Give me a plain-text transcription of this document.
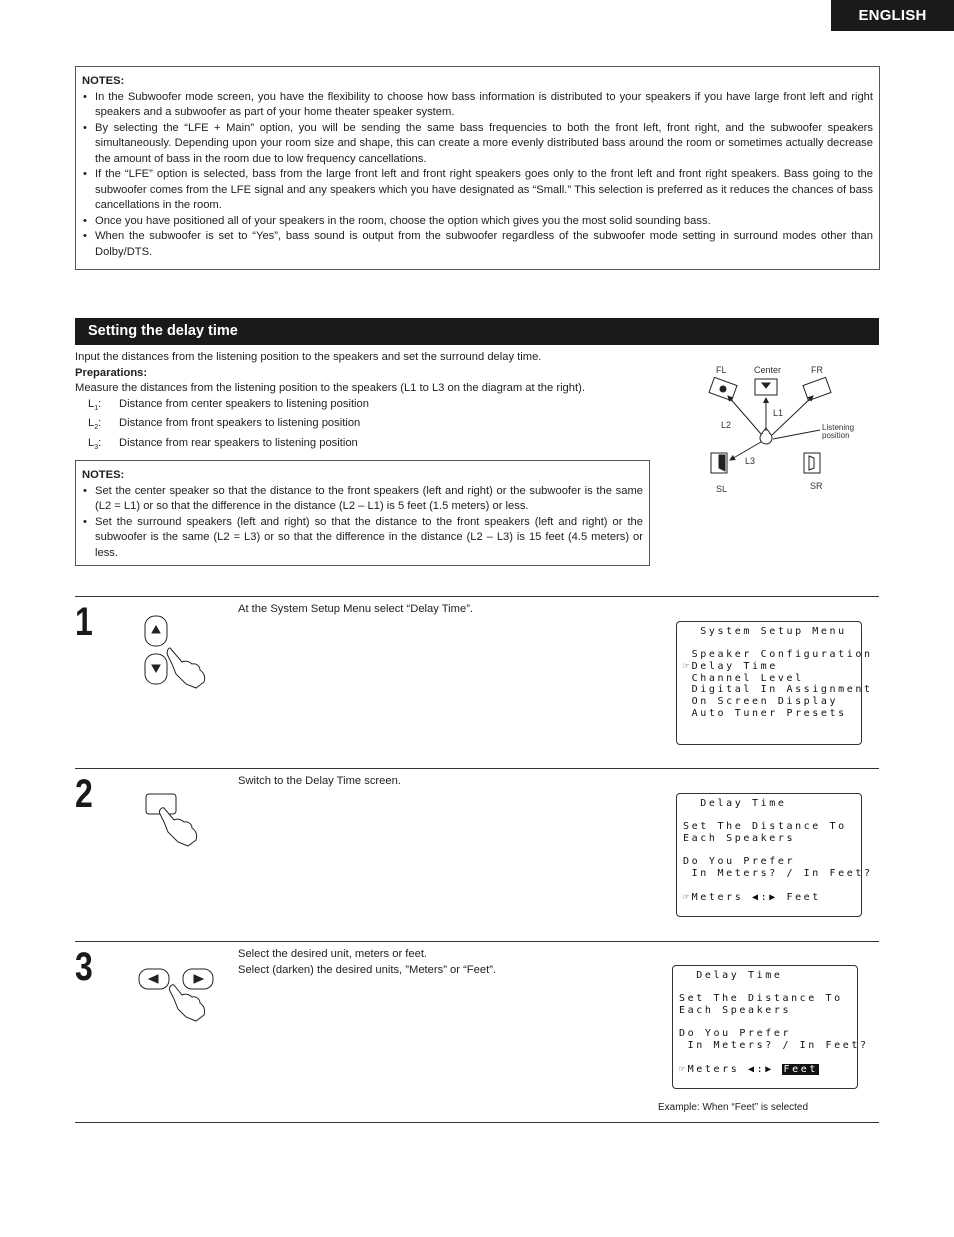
ENGLISH
NOTES:
• In the Subwoofer mode screen, you have the flexibility to choose how bass information is distributed to your speakers if you have large front left and right speakers and a subwoofer as part of your home theater speaker system.
• By selecting the “LFE + Main” option, you will be sending the same bass frequencies to both the front left, front right, and the subwoofer speakers simultaneously. Depending upon your room size and shape, this can create a more evenly distributed bass around the room or sometimes actually decrease the amount of bass in the room due to low frequency cancellations.
• If the “LFE” option is selected, bass from the large front left and front right speakers goes only to the front left and front right speakers. Bass going to the subwoofer comes from the LFE signal and any speakers which you have designated as “Small.” This selection is preferred as it reduces the chances of bass cancellations in the room.
• Once you have positioned all of your speakers in the room, choose the option which gives you the most solid sounding bass.
• When the subwoofer is set to “Yes”, bass sound is output from the subwoofer regardless of the subwoofer mode setting in surround modes other than Dolby/DTS.
Setting the delay time

Input the distances from the listening position to the speakers and set the surround delay time.

Preparations:

Measure the distances from the listening position to the speakers (L1 to L3 on the diagram at the right).

$L_1$:	Distance from center speakers to listening position
$L_2$:	Distance from front speakers to listening position
$L_3$:	Distance from rear speakers to listening position
FL	Center	FR
L1
L2
L3
Listening
position
SL	SR
NOTES:
• Set the center speaker so that the distance to the front speakers (left and right) or the subwoofer is the same (L2 = L1) or so that the difference in the distance (L2 – L1) is 5 feet (1.5 meters) or less.
• Set the surround speakers (left and right) so that the distance to the front speakers (left and right) or the subwoofer is the same (L2 = L3) or so that the difference in the distance (L2 – L3) is 15 feet (4.5 meters) or less.
1	At the System Setup Menu select “Delay Time”.

System Setup Menu
Speaker Configuration
☞Delay Time
Channel Level
Digital In Assignment
On Screen Display
Auto Tuner Presets
2	Switch to the Delay Time screen.

Delay Time
Set The Distance To
Each Speakers
Do You Prefer
In Meters? / In Feet?
☞Meters ◀:▶ Feet
3	Select the desired unit, meters or feet.

Select (darken) the desired units, ”Meters” or “Feet”.	Delay Time
Set The Distance To
Each Speakers
Do You Prefer
In Meters? / In Feet?
☞Meters ◀:▶ Feet
Example: When “Feet” is selected
